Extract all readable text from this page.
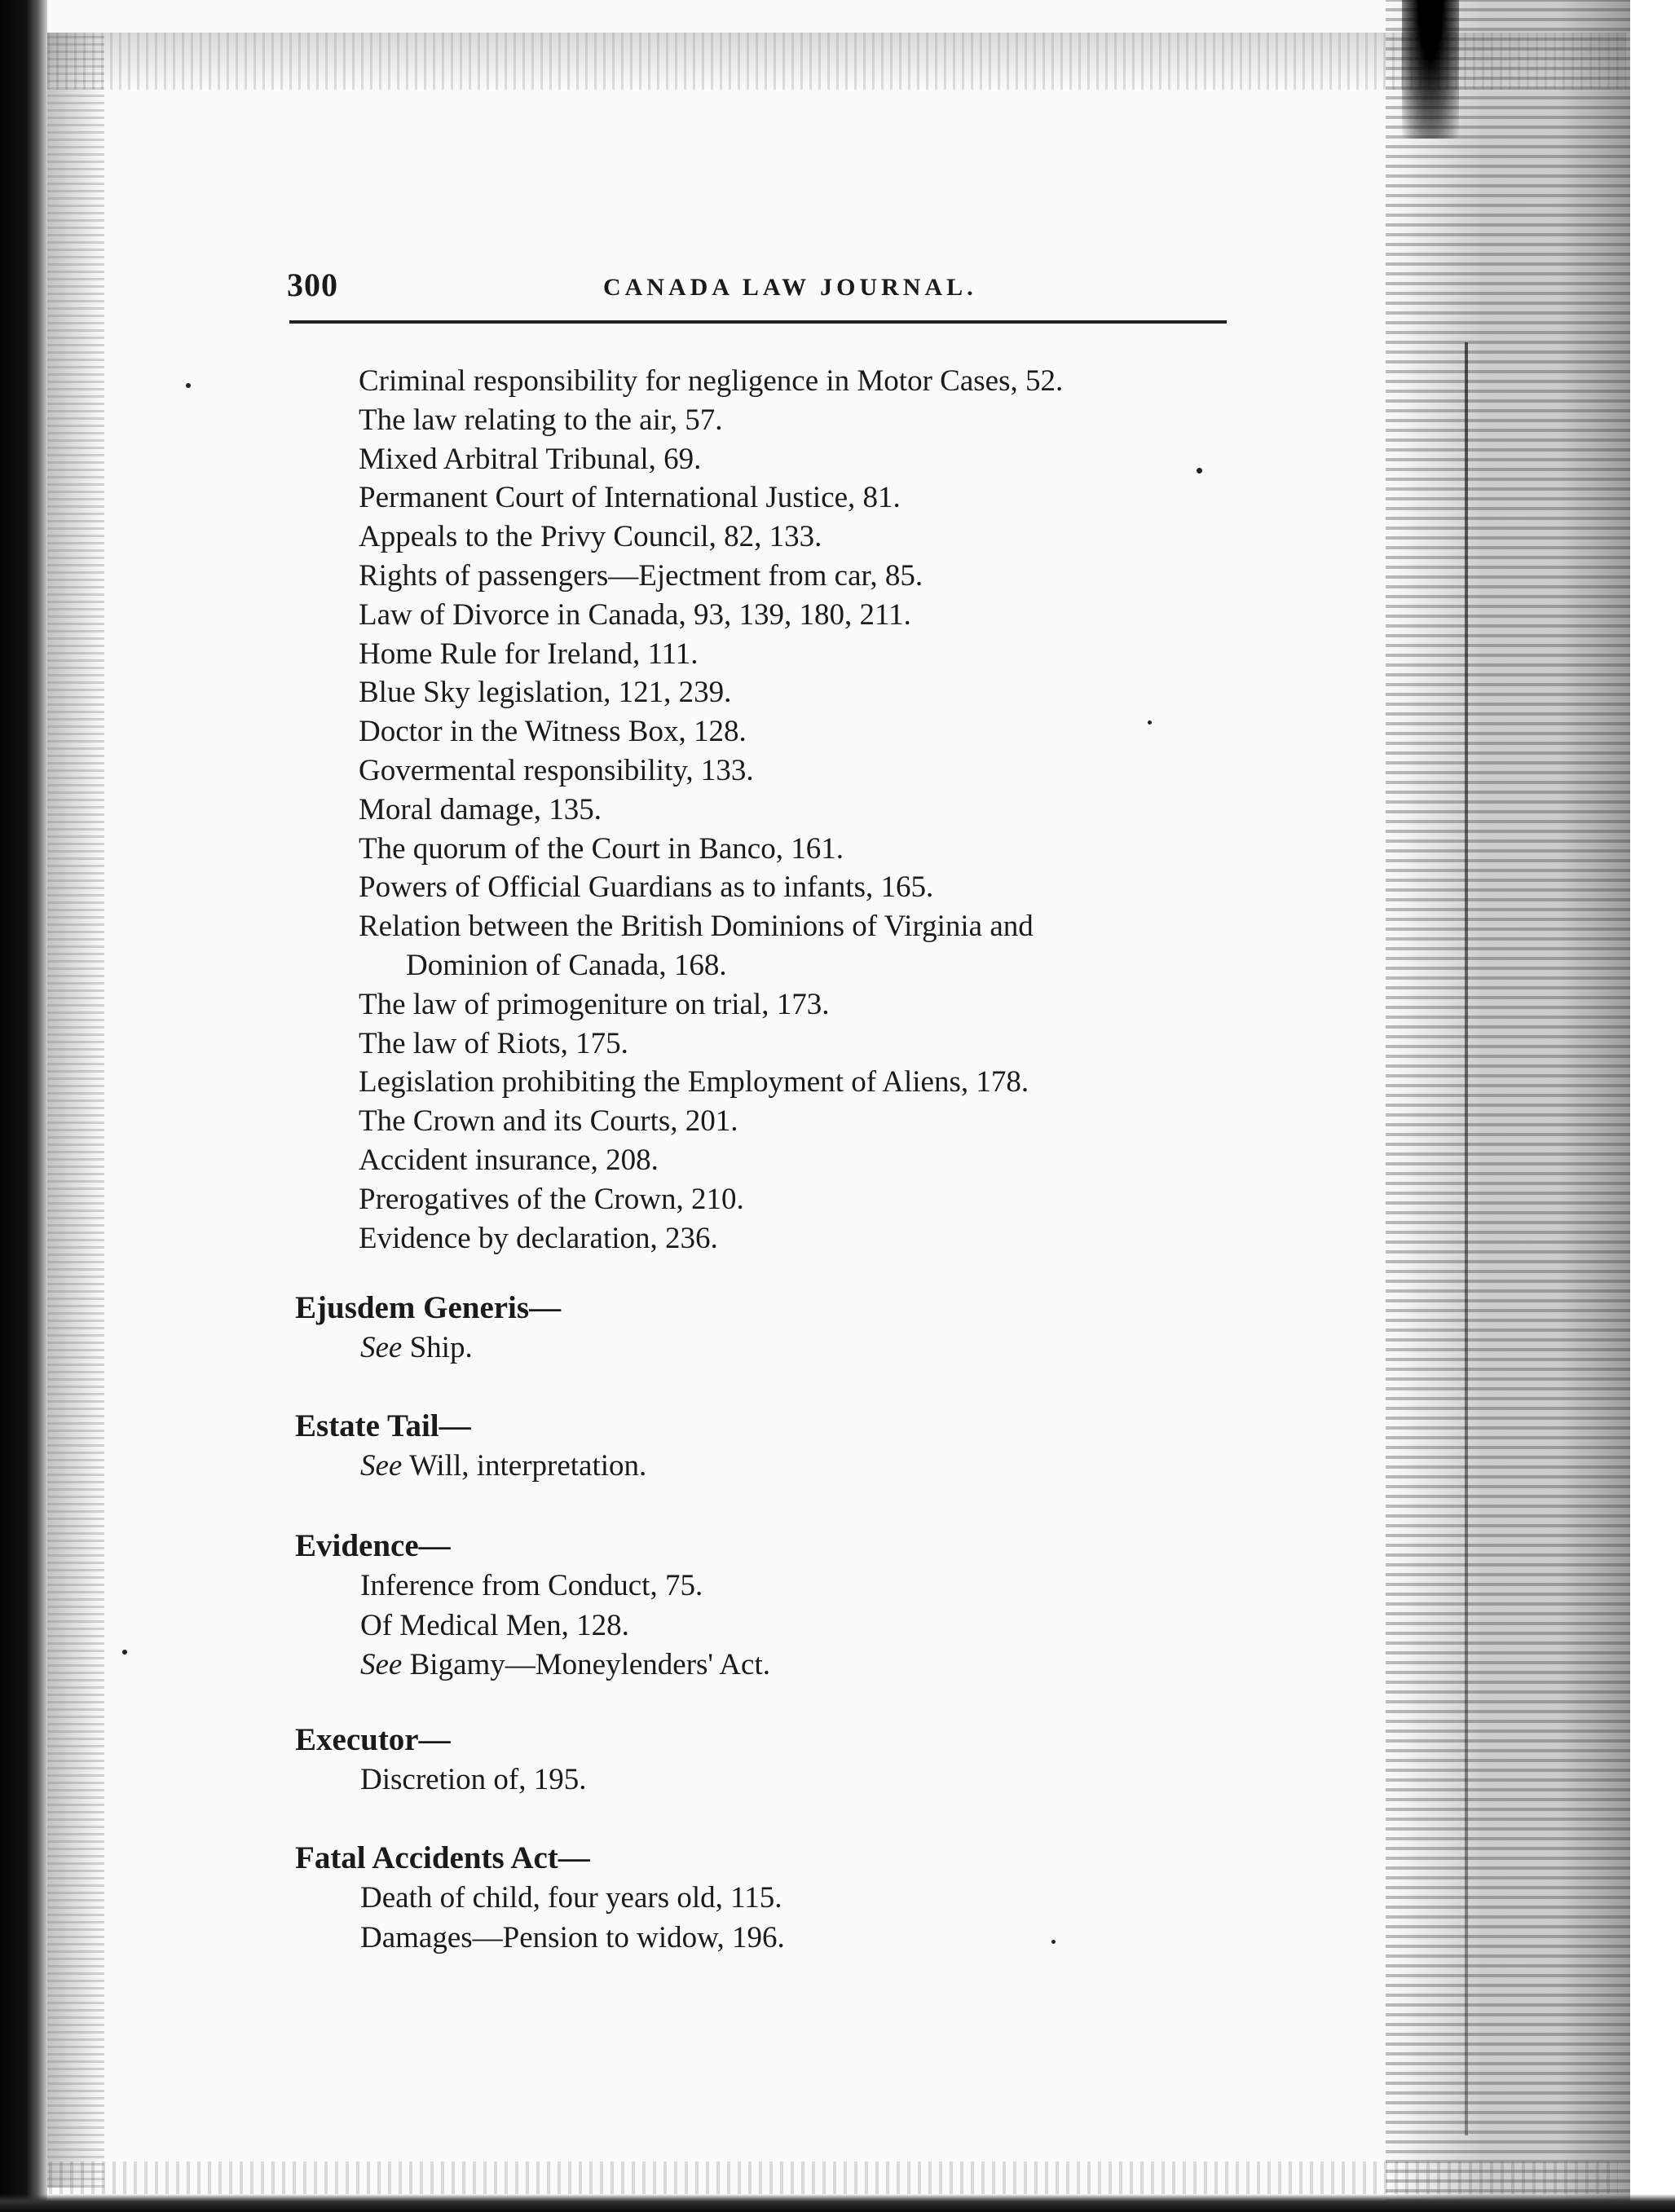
300	CANADA LAW JOURNAL.
Criminal responsibility for negligence in Motor Cases, 52.
The law relating to the air, 57.
Mixed Arbitral Tribunal, 69.
Permanent Court of International Justice, 81.
Appeals to the Privy Council, 82, 133.
Rights of passengers—Ejectment from car, 85.
Law of Divorce in Canada, 93, 139, 180, 211.
Home Rule for Ireland, 111.
Blue Sky legislation, 121, 239.
Doctor in the Witness Box, 128.
Govermental responsibility, 133.
Moral damage, 135.
The quorum of the Court in Banco, 161.
Powers of Official Guardians as to infants, 165.
Relation between the British Dominions of Virginia and
Dominion of Canada, 168.
The law of primogeniture on trial, 173.
The law of Riots, 175.
Legislation prohibiting the Employment of Aliens, 178.
The Crown and its Courts, 201.
Accident insurance, 208.
Prerogatives of the Crown, 210.
Evidence by declaration, 236.
Ejusdem Generis—
See Ship.
Estate Tail—
See Will, interpretation.
Evidence—
Inference from Conduct, 75.
Of Medical Men, 128.
See Bigamy—Moneylenders' Act.
Executor—
Discretion of, 195.
Fatal Accidents Act—
Death of child, four years old, 115.
Damages—Pension to widow, 196.
